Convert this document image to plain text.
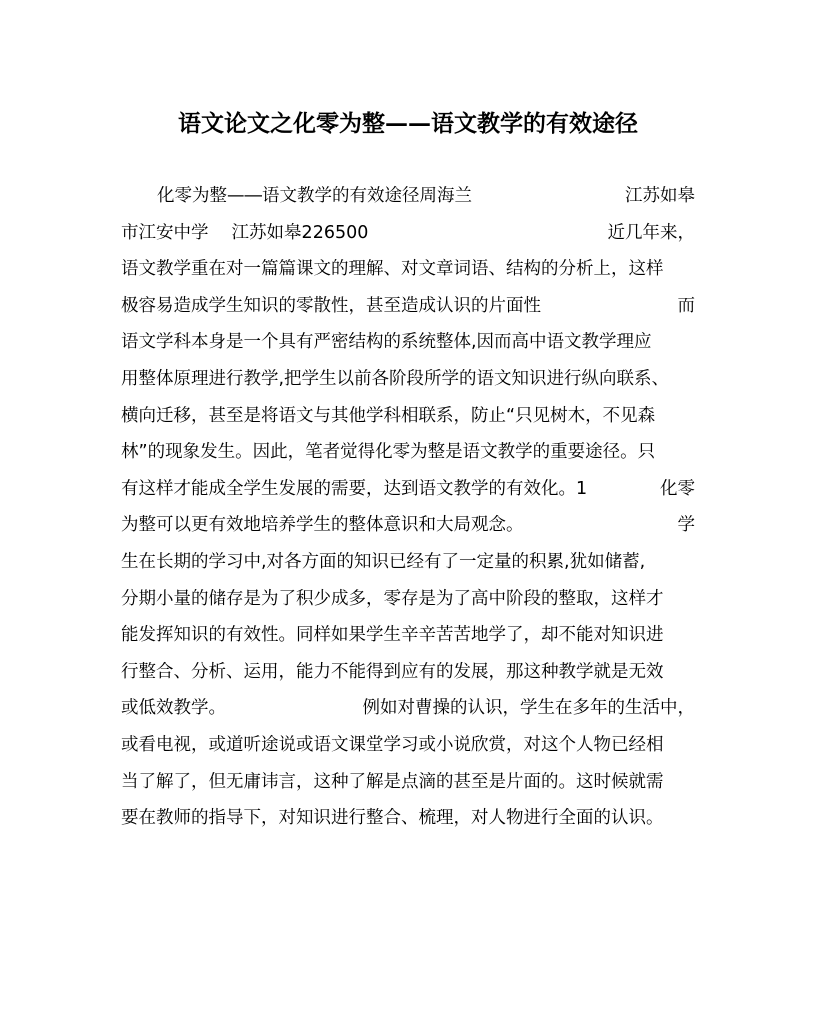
语文论文之化零为整——语文教学的有效途径
化零为整—―语文教学的有效途径周海兰	江苏如皋
市江安中学　 江苏如皋226500	近几年来，
语文教学重在对一篇篇课文的理解、对文章词语、结构的分析上，这样
极容易造成学生知识的零散性，甚至造成认识的片面性	而
语文学科本身是一个具有严密结构的系统整体,因而高中语文教学理应
用整体原理进行教学,把学生以前各阶段所学的语文知识进行纵向联系、
横向迁移，甚至是将语文与其他学科相联系，防止“只见树木，不见森
林”的现象发生。因此，笔者觉得化零为整是语文教学的重要途径。只
有这样才能成全学生发展的需要，达到语文教学的有效化。1	化零
为整可以更有效地培养学生的整体意识和大局观念。	学
生在长期的学习中,对各方面的知识已经有了一定量的积累,犹如储蓄,
分期小量的储存是为了积少成多，零存是为了高中阶段的整取，这样才
能发挥知识的有效性。同样如果学生辛辛苦苦地学了，却不能对知识进
行整合、分析、运用，能力不能得到应有的发展，那这种教学就是无效
或低效教学。	例如对曹操的认识，学生在多年的生活中，
或看电视，或道听途说或语文课堂学习或小说欣赏，对这个人物已经相
当了解了，但无庸讳言，这种了解是点滴的甚至是片面的。这时候就需
要在教师的指导下，对知识进行整合、梳理，对人物进行全面的认识。
